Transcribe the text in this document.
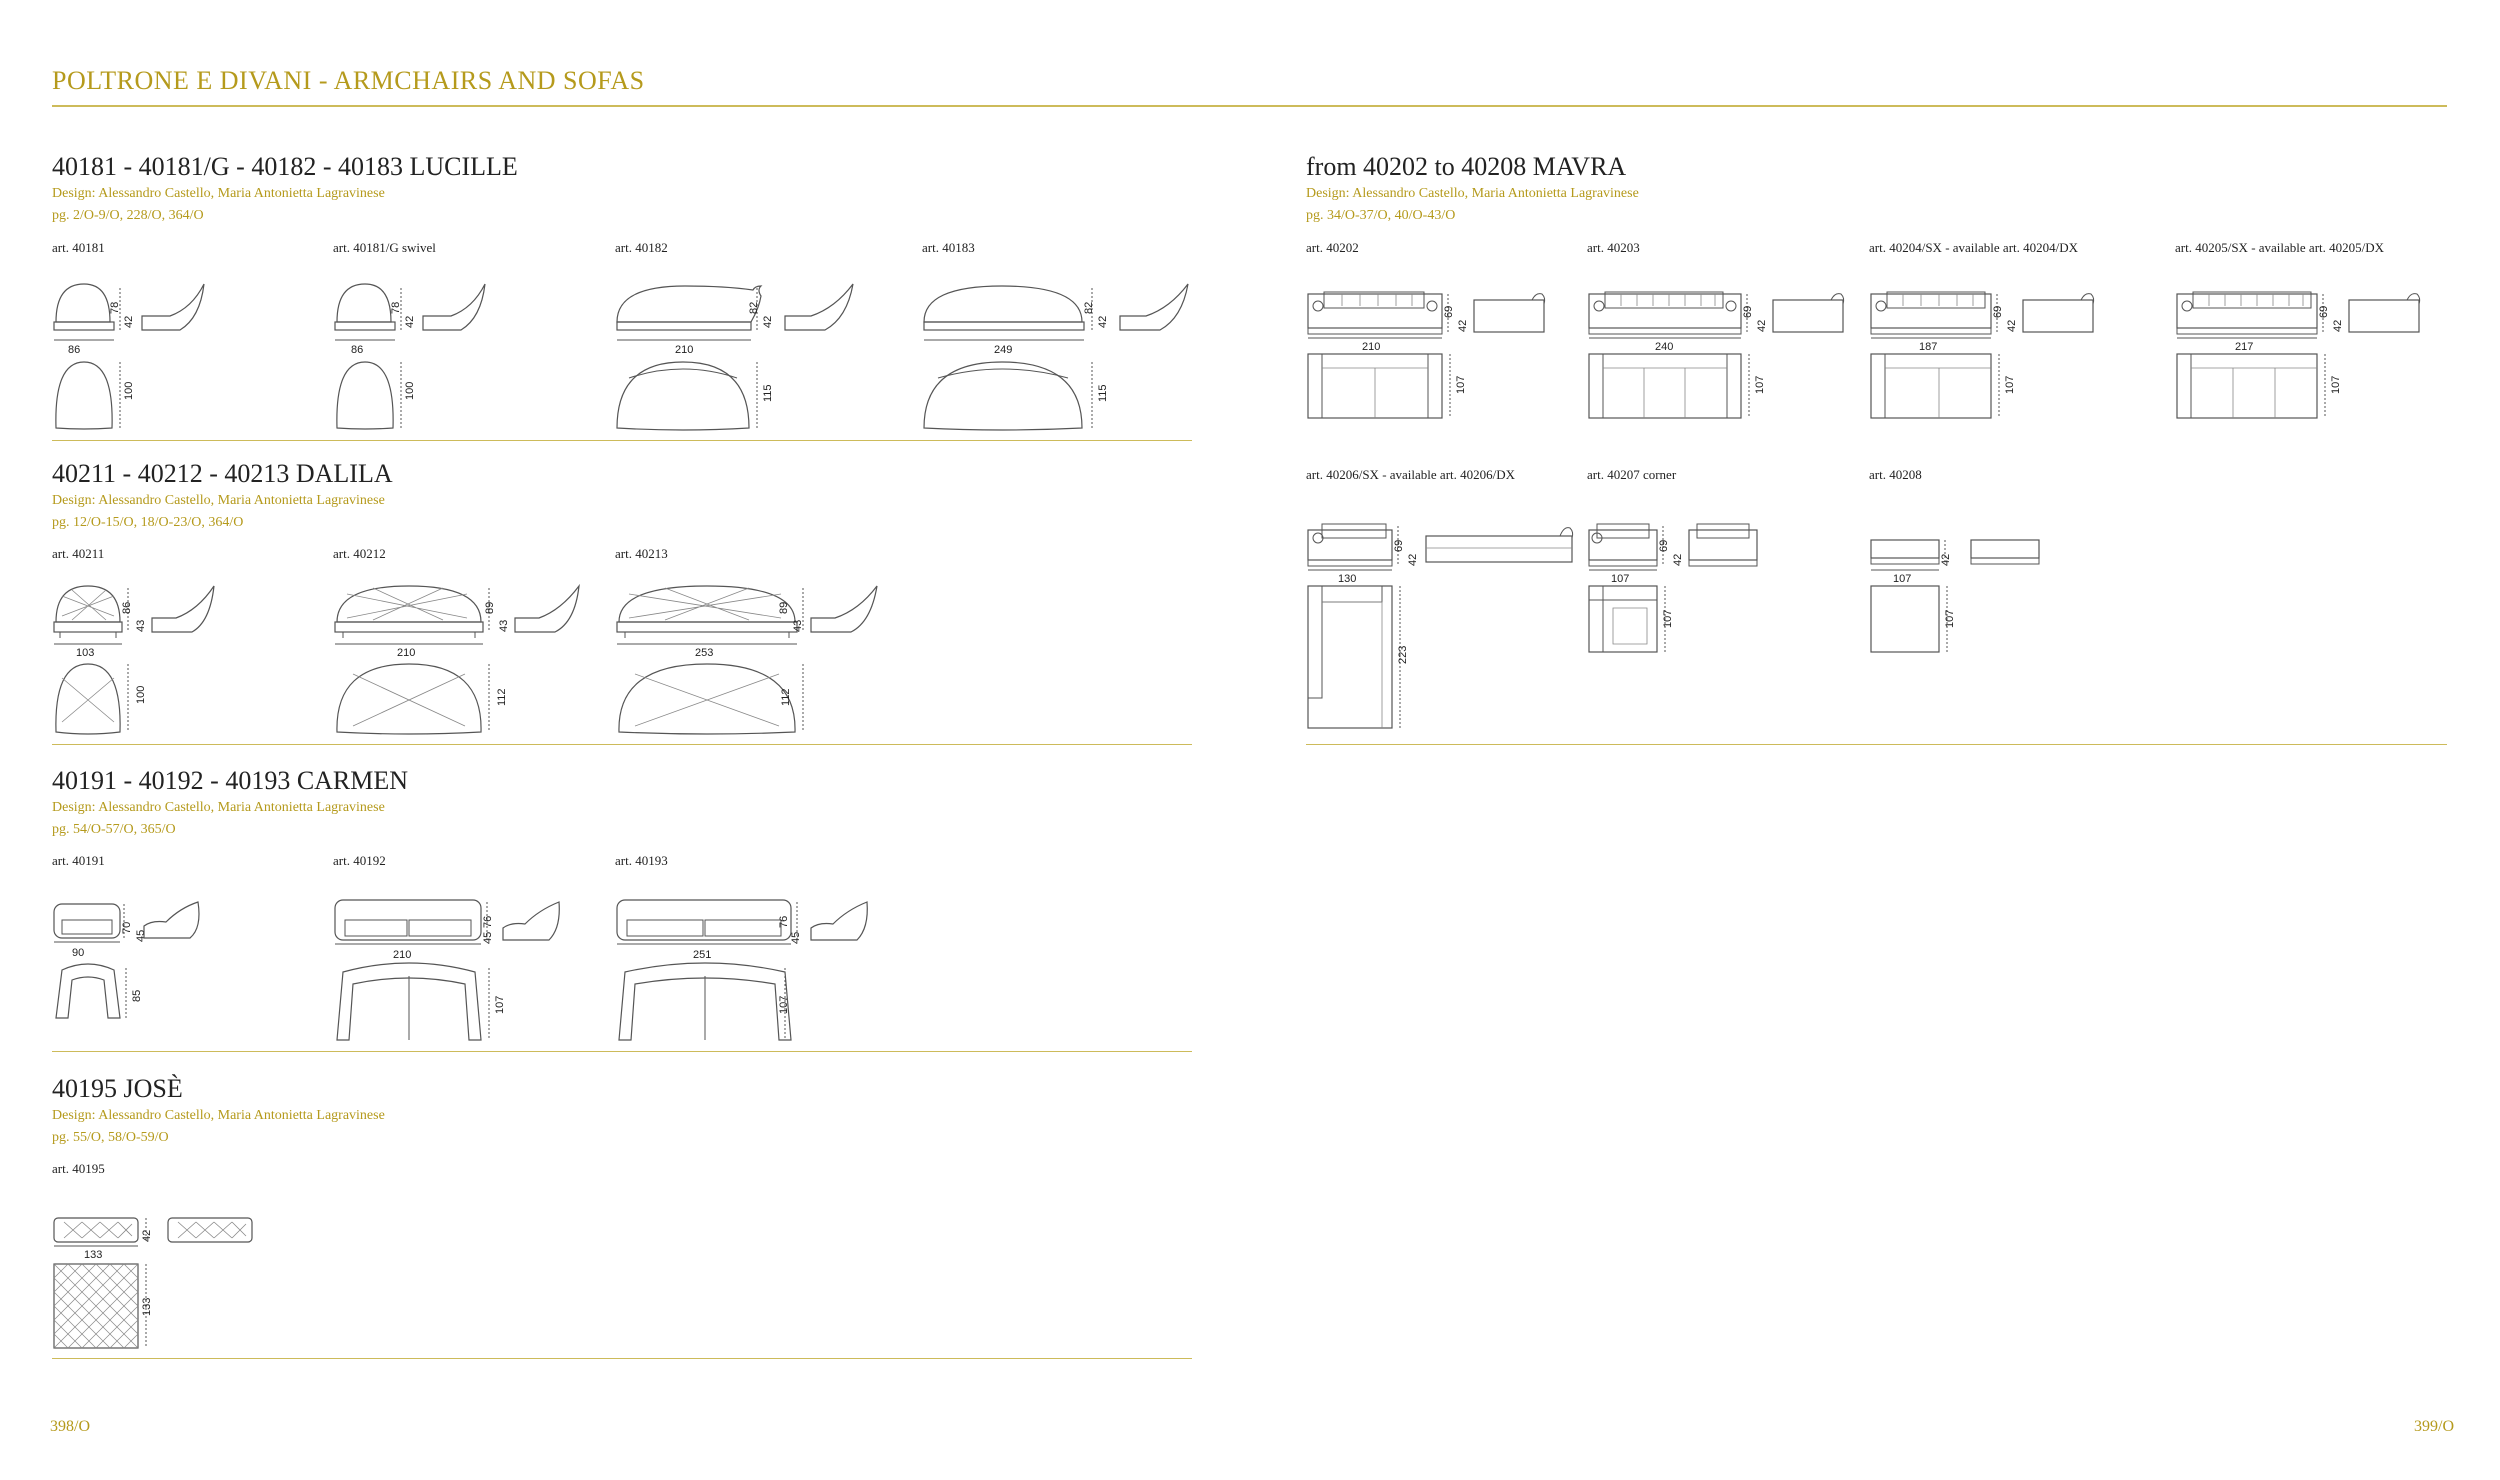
POLTRONE E DIVANI - ARMCHAIRS AND SOFAS
40181 - 40181/G - 40182 - 40183 LUCILLE
Design: Alessandro Castello, Maria Antonietta Lagravinese
pg. 2/O-9/O, 228/O, 364/O
art. 40181	art. 40181/G swivel	art. 40182	art. 40183
86
78
42
100
86
78
42
100
210
82
42
115
249
82
42
115
40211 - 40212 - 40213 DALILA
Design: Alessandro Castello, Maria Antonietta Lagravinese
pg. 12/O-15/O, 18/O-23/O, 364/O
art. 40211	art. 40212	art. 40213
103
86
43
100
210
89
43
112
253
89
43
112
40191 - 40192 - 40193 CARMEN
Design: Alessandro Castello, Maria Antonietta Lagravinese
pg. 54/O-57/O, 365/O
art. 40191	art. 40192	art. 40193
90
70
45
85
210
76
45
107
251
76
45
107
40195 JOSÈ
Design: Alessandro Castello, Maria Antonietta Lagravinese
pg. 55/O, 58/O-59/O
art. 40195
133
42
133
from 40202 to 40208 MAVRA
Design: Alessandro Castello, Maria Antonietta Lagravinese
pg. 34/O-37/O, 40/O-43/O
art. 40202	art. 40203	art. 40204/SX - available art. 40204/DX	art. 40205/SX - available art. 40205/DX
210
69
42
107
240
69
42
107
187
69
42
107
217
69
42
107
art. 40206/SX - available art. 40206/DX	art. 40207 corner	art. 40208
130
69
42
223
107
69
42
107
107
42
107
398/O	399/O
